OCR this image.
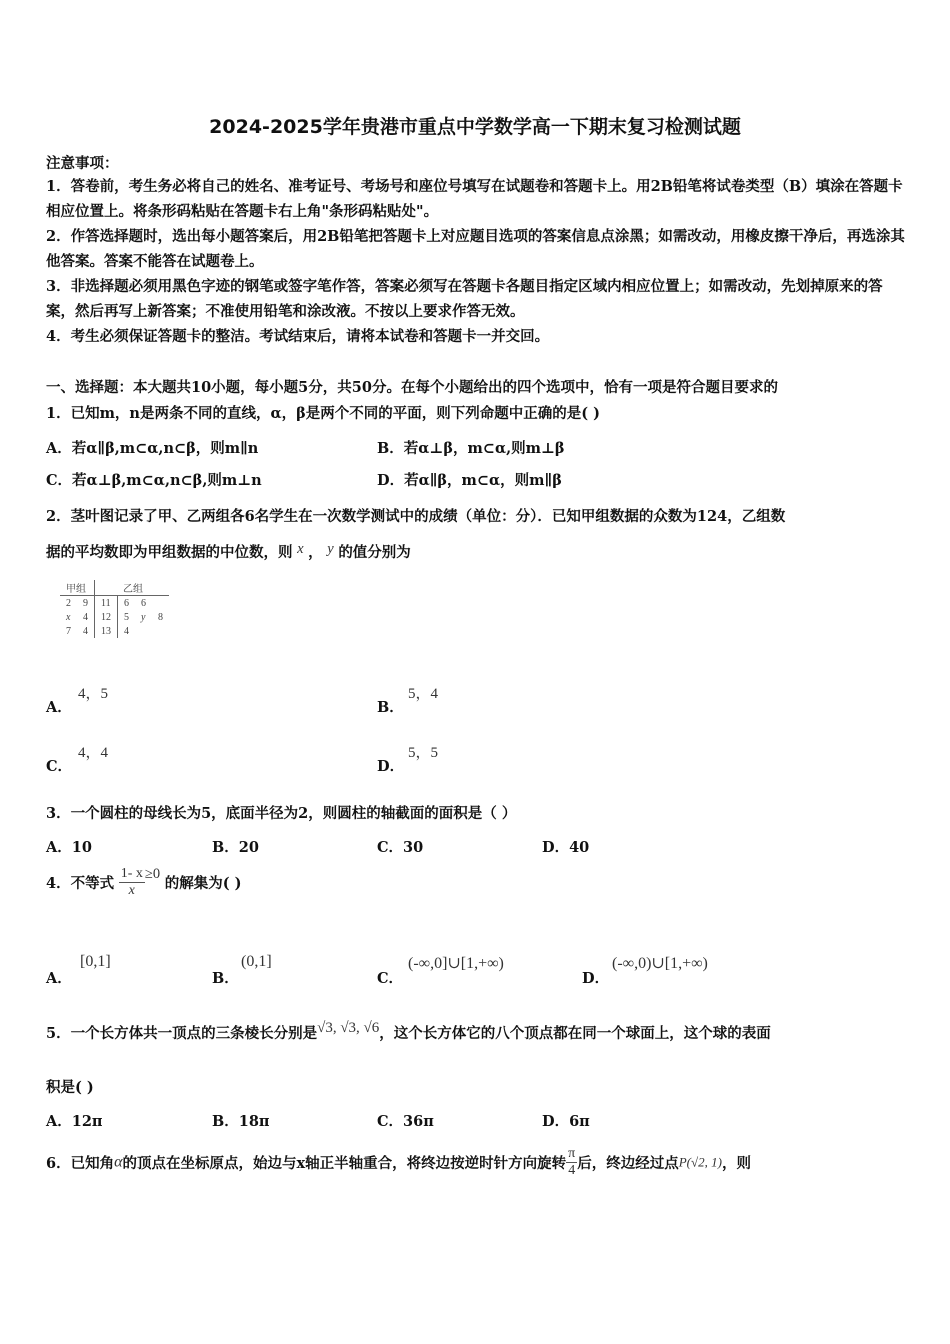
2024-2025学年贵港市重点中学数学高一下期末复习检测试题
注意事项：
1．答卷前，考生务必将自己的姓名、准考证号、考场号和座位号填写在试题卷和答题卡上。用2B铅笔将试卷类型（B）填涂在答题卡相应位置上。将条形码粘贴在答题卡右上角"条形码粘贴处"。
2．作答选择题时，选出每小题答案后，用2B铅笔把答题卡上对应题目选项的答案信息点涂黑；如需改动，用橡皮擦干净后，再选涂其他答案。答案不能答在试题卷上。
3．非选择题必须用黑色字迹的钢笔或签字笔作答，答案必须写在答题卡各题目指定区域内相应位置上；如需改动，先划掉原来的答案，然后再写上新答案；不准使用铅笔和涂改液。不按以上要求作答无效。
4．考生必须保证答题卡的整洁。考试结束后，请将本试卷和答题卡一并交回。
一、选择题：本大题共10小题，每小题5分，共50分。在每个小题给出的四个选项中，恰有一项是符合题目要求的
1．已知m，n是两条不同的直线，α，β是两个不同的平面，则下列命题中正确的是( )
A．若α∥β,m⊂α,n⊂β，则m∥n	B．若α⊥β，m⊂α,则m⊥β
C．若α⊥β,m⊂α,n⊂β,则m⊥n	D．若α∥β，m⊂α，则m∥β
2．茎叶图记录了甲、乙两组各6名学生在一次数学测试中的成绩（单位：分）．已知甲组数据的众数为124，乙组数
据的平均数即为甲组数据的中位数，则 x ， y 的值分别为
甲组			乙组		
2	9	11	6	6	
x	4	12	5	y	8
7	4	13	4		
A．
4，5
B．
5，4
C．
4，4
D．
5，5
3．一个圆柱的母线长为5，底面半径为2，则圆柱的轴截面的面积是（ ）
A．10	B．20	C．30	D．40
4．不等式 $\frac{1- x}{x} \ge 0$ 的解集为( )
A．
[0,1]
B．
(0,1]
C．
(-∞,0]∪[1,+∞)
D．
(-∞,0)∪[1,+∞)
5．一个长方体共一顶点的三条棱长分别是√3, √3, √6，这个长方体它的八个顶点都在同一个球面上，这个球的表面
积是( )
A．12π	B．18π	C．36π	D．6π
6．已知角α的顶点在坐标原点，始边与x轴正半轴重合，将终边按逆时针方向旋转 $\frac{\pi}{4}$ 后，终边经过点P(√2, 1)，则
